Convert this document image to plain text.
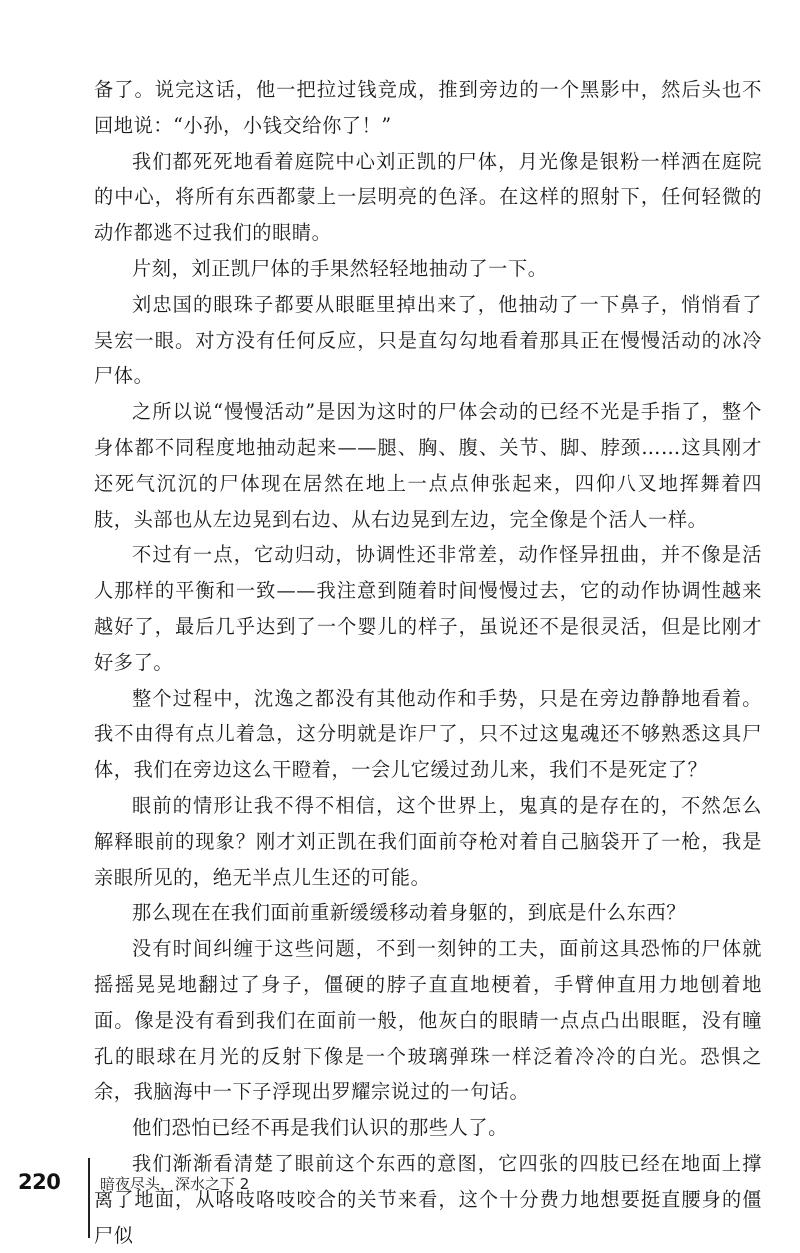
备了。说完这话，他一把拉过钱竞成，推到旁边的一个黑影中，然后头也不回地说：“小孙，小钱交给你了！”

我们都死死地看着庭院中心刘正凯的尸体，月光像是银粉一样洒在庭院的中心，将所有东西都蒙上一层明亮的色泽。在这样的照射下，任何轻微的动作都逃不过我们的眼睛。

片刻，刘正凯尸体的手果然轻轻地抽动了一下。

刘忠国的眼珠子都要从眼眶里掉出来了，他抽动了一下鼻子，悄悄看了吴宏一眼。对方没有任何反应，只是直勾勾地看着那具正在慢慢活动的冰冷尸体。

之所以说“慢慢活动”是因为这时的尸体会动的已经不光是手指了，整个身体都不同程度地抽动起来——腿、胸、腹、关节、脚、脖颈……这具刚才还死气沉沉的尸体现在居然在地上一点点伸张起来，四仰八叉地挥舞着四肢，头部也从左边晃到右边、从右边晃到左边，完全像是个活人一样。

不过有一点，它动归动，协调性还非常差，动作怪异扭曲，并不像是活人那样的平衡和一致——我注意到随着时间慢慢过去，它的动作协调性越来越好了，最后几乎达到了一个婴儿的样子，虽说还不是很灵活，但是比刚才好多了。

整个过程中，沈逸之都没有其他动作和手势，只是在旁边静静地看着。我不由得有点儿着急，这分明就是诈尸了，只不过这鬼魂还不够熟悉这具尸体，我们在旁边这么干瞪着，一会儿它缓过劲儿来，我们不是死定了？

眼前的情形让我不得不相信，这个世界上，鬼真的是存在的，不然怎么解释眼前的现象？刚才刘正凯在我们面前夺枪对着自己脑袋开了一枪，我是亲眼所见的，绝无半点儿生还的可能。

那么现在在我们面前重新缓缓移动着身躯的，到底是什么东西？

没有时间纠缠于这些问题，不到一刻钟的工夫，面前这具恐怖的尸体就摇摇晃晃地翻过了身子，僵硬的脖子直直地梗着，手臂伸直用力地刨着地面。像是没有看到我们在面前一般，他灰白的眼睛一点点凸出眼眶，没有瞳孔的眼球在月光的反射下像是一个玻璃弹珠一样泛着冷冷的白光。恐惧之余，我脑海中一下子浮现出罗耀宗说过的一句话。

他们恐怕已经不再是我们认识的那些人了。

我们渐渐看清楚了眼前这个东西的意图，它四张的四肢已经在地面上撑离了地面，从咯吱咯吱咬合的关节来看，这个十分费力地想要挺直腰身的僵尸似

220	暗夜尽头，深水之下 2
